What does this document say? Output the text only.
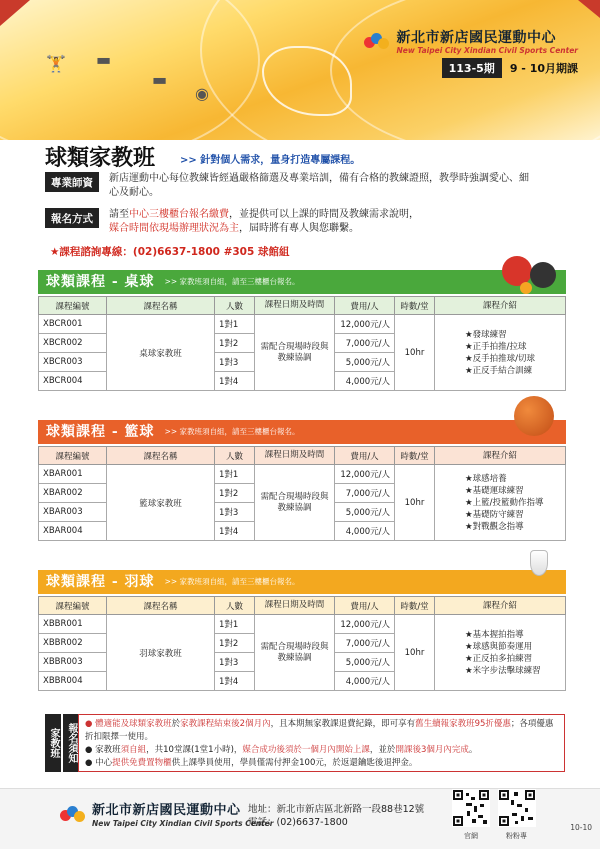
🏋 ▬
▬
◉
新北市新店國民運動中心
New Taipei City Xindian Civil Sports Center
113-5期	9 - 10月期課
球類家教班 >> 針對個人需求，量身打造專屬課程。
專業師資	新店運動中心每位教練皆經過嚴格篩選及專業培訓，備有合格的教練證照，教學時強調愛心、細心及耐心。
報名方式	請至中心三樓櫃台報名繳費，並提供可以上課的時間及教練需求說明，
媒合時間依現場辦理狀況為主，屆時將有專人與您聯繫。
★課程諮詢專線：(02)6637-1800 #305 球館組
球類課程 - 桌球 >> 家教班須自組，請至三樓櫃台報名。
課程編號	課程名稱	人數	課程日期及時間	費用/人	時數/堂	課程介紹
XBCR001	桌球家教班	1對1	需配合現場時段與教練協調	12,000元/人	10hr	★發球練習
★正手拍推/拉球
★反手拍推球/切球
★正反手結合訓練

XBCR002		1對2		7,000元/人		
XBCR003		1對3		5,000元/人		
XBCR004		1對4		4,000元/人		
球類課程 - 籃球 >> 家教班須自組，請至三樓櫃台報名。
課程編號	課程名稱	人數	課程日期及時間	費用/人	時數/堂	課程介紹
XBAR001	籃球家教班	1對1	需配合現場時段與教練協調	12,000元/人	10hr	★球感培養
★基礎運球練習
★上籃/投籃動作指導
★基礎防守練習
★對戰觀念指導

XBAR002		1對2		7,000元/人		
XBAR003		1對3		5,000元/人		
XBAR004		1對4		4,000元/人		
球類課程 - 羽球 >> 家教班須自組，請至三樓櫃台報名。
課程編號	課程名稱	人數	課程日期及時間	費用/人	時數/堂	課程介紹
XBBR001	羽球家教班	1對1	需配合現場時段與教練協調	12,000元/人	10hr	★基本握拍指導
★球感與節奏運用
★正反拍多拍練習
★米字步法擊球練習

XBBR002		1對2		7,000元/人		
XBBR003		1對3		5,000元/人		
XBBR004		1對4		4,000元/人		
家教班 報名須知 ● 體適能及球類家教班於家教課程結束後2個月內，且本期無家教課退費紀錄，即可享有舊生續報家教班95折優惠；各項優惠折扣限擇一使用。
● 家教班須自組，共10堂課(1堂1小時)，媒合成功後須於一個月內開始上課，並於開課後3個月內完成。
● 中心提供免費置物櫃供上課學員使用，學員僅需付押金100元，於返還鑰匙後退押金。
新北市新店國民運動中心
New Taipei City Xindian Civil Sports Center
地址：新北市新店區北新路一段88巷12號
電話：(02)6637-1800
官網	粉粉專
10-10
